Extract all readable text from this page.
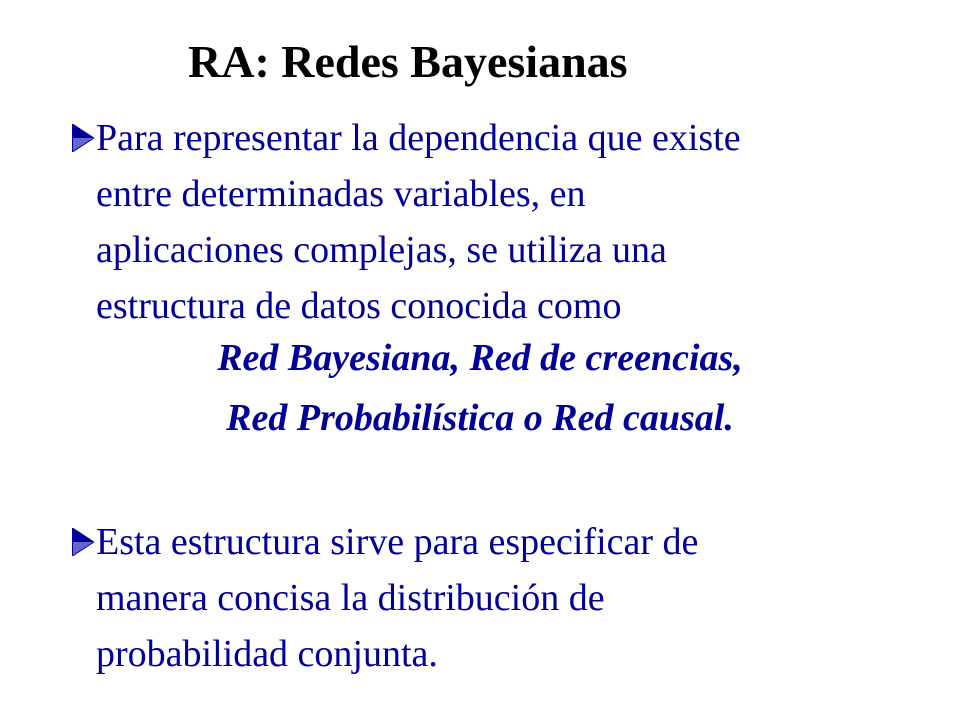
RA: Redes Bayesianas
Para representar la dependencia que existe
entre determinadas variables, en
aplicaciones complejas, se utiliza una
estructura de datos conocida como
Red Bayesiana, Red de creencias,
Red Probabilística o Red causal.
Esta estructura sirve para especificar de
manera concisa la distribución de
probabilidad conjunta.
